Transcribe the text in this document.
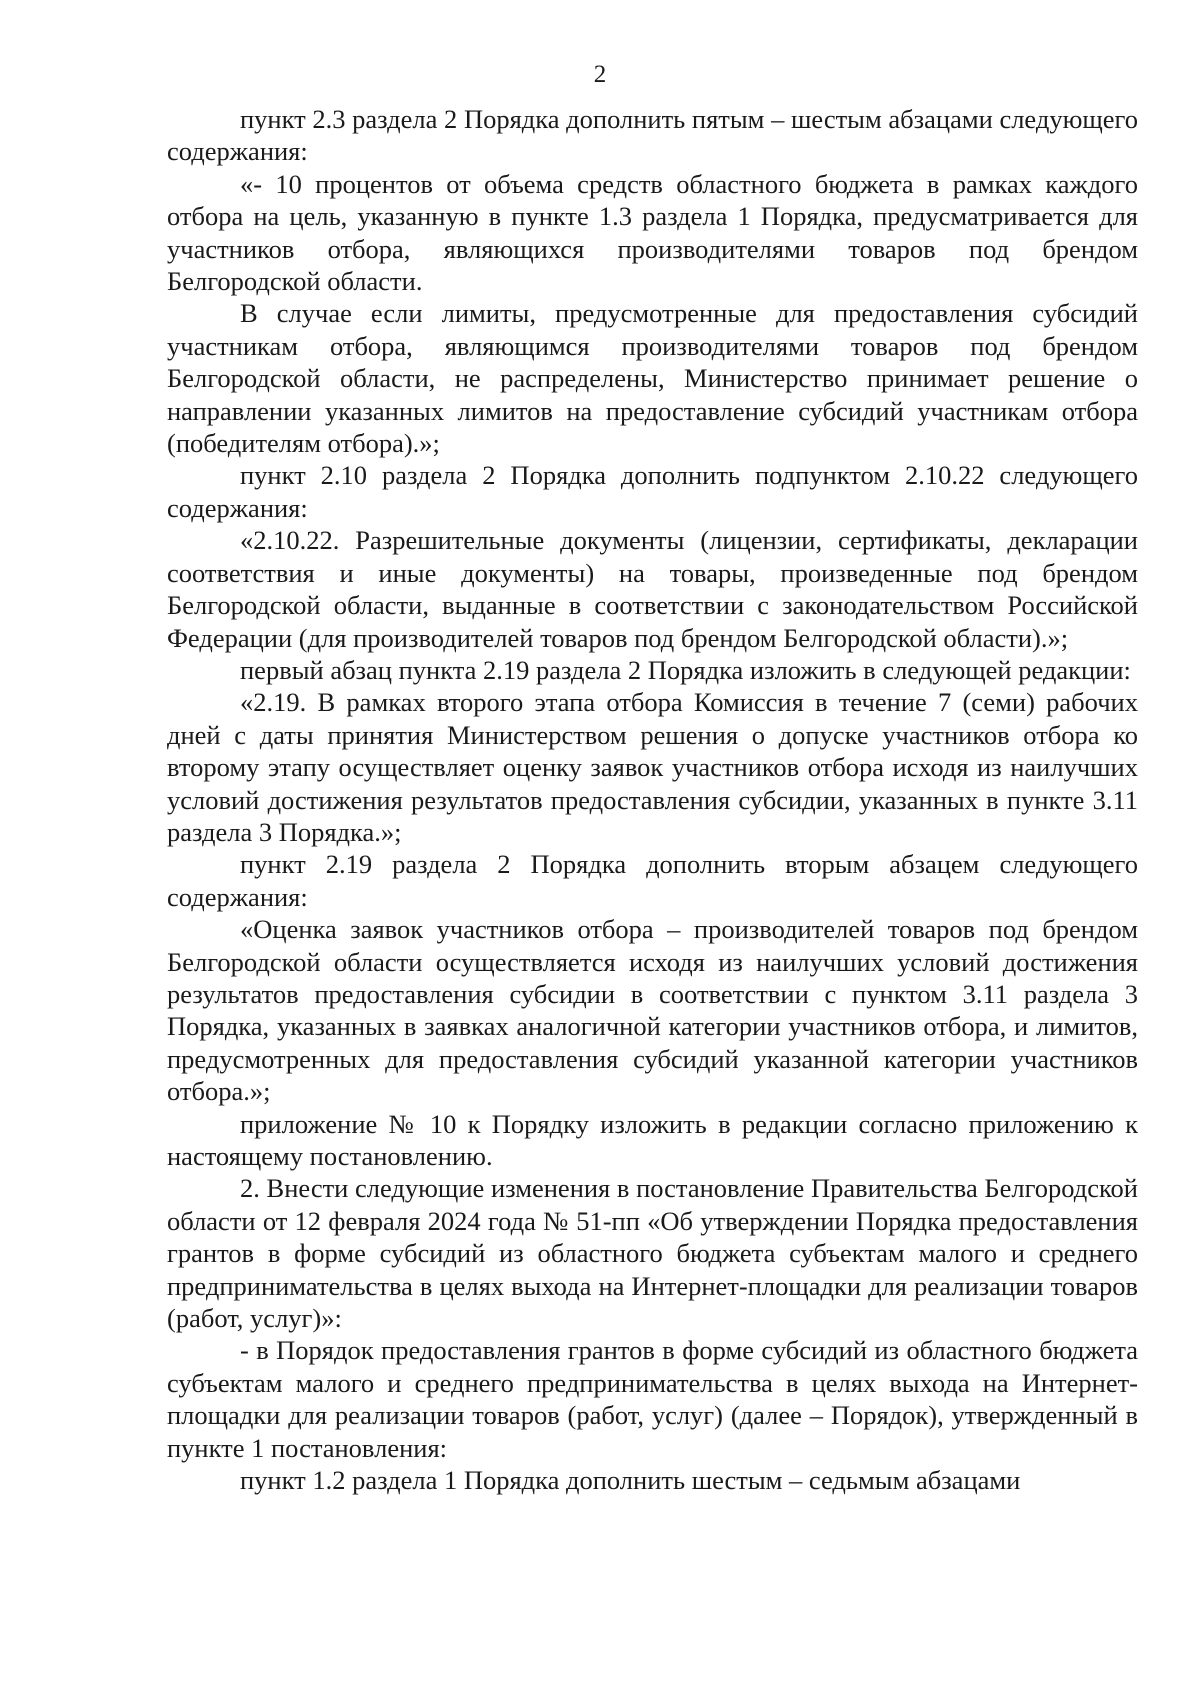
2

пункт 2.3 раздела 2 Порядка дополнить пятым – шестым абзацами следующего содержания:

«- 10 процентов от объема средств областного бюджета в рамках каждого отбора на цель, указанную в пункте 1.3 раздела 1 Порядка, предусматривается для участников отбора, являющихся производителями товаров под брендом Белгородской области.

В случае если лимиты, предусмотренные для предоставления субсидий участникам отбора, являющимся производителями товаров под брендом Белгородской области, не распределены, Министерство принимает решение о направлении указанных лимитов на предоставление субсидий участникам отбора (победителям отбора).»;

пункт 2.10 раздела 2 Порядка дополнить подпунктом 2.10.22 следующего содержания:

«2.10.22. Разрешительные документы (лицензии, сертификаты, декларации соответствия и иные документы) на товары, произведенные под брендом Белгородской области, выданные в соответствии с законодательством Российской Федерации (для производителей товаров под брендом Белгородской области).»;

первый абзац пункта 2.19 раздела 2 Порядка изложить в следующей редакции:

«2.19. В рамках второго этапа отбора Комиссия в течение 7 (семи) рабочих дней с даты принятия Министерством решения о допуске участников отбора ко второму этапу осуществляет оценку заявок участников отбора исходя из наилучших условий достижения результатов предоставления субсидии, указанных в пункте 3.11 раздела 3 Порядка.»;

пункт 2.19 раздела 2 Порядка дополнить вторым абзацем следующего содержания:

«Оценка заявок участников отбора – производителей товаров под брендом Белгородской области осуществляется исходя из наилучших условий достижения результатов предоставления субсидии в соответствии с пунктом 3.11 раздела 3 Порядка, указанных в заявках аналогичной категории участников отбора, и лимитов, предусмотренных для предоставления субсидий указанной категории участников отбора.»;

приложение № 10 к Порядку изложить в редакции согласно приложению к настоящему постановлению.

2. Внести следующие изменения в постановление Правительства Белгородской области от 12 февраля 2024 года № 51-пп «Об утверждении Порядка предоставления грантов в форме субсидий из областного бюджета субъектам малого и среднего предпринимательства в целях выхода на Интернет-площадки для реализации товаров (работ, услуг)»:

- в Порядок предоставления грантов в форме субсидий из областного бюджета субъектам малого и среднего предпринимательства в целях выхода на Интернет-площадки для реализации товаров (работ, услуг) (далее – Порядок), утвержденный в пункте 1 постановления:

пункт 1.2 раздела 1 Порядка дополнить шестым – седьмым абзацами
